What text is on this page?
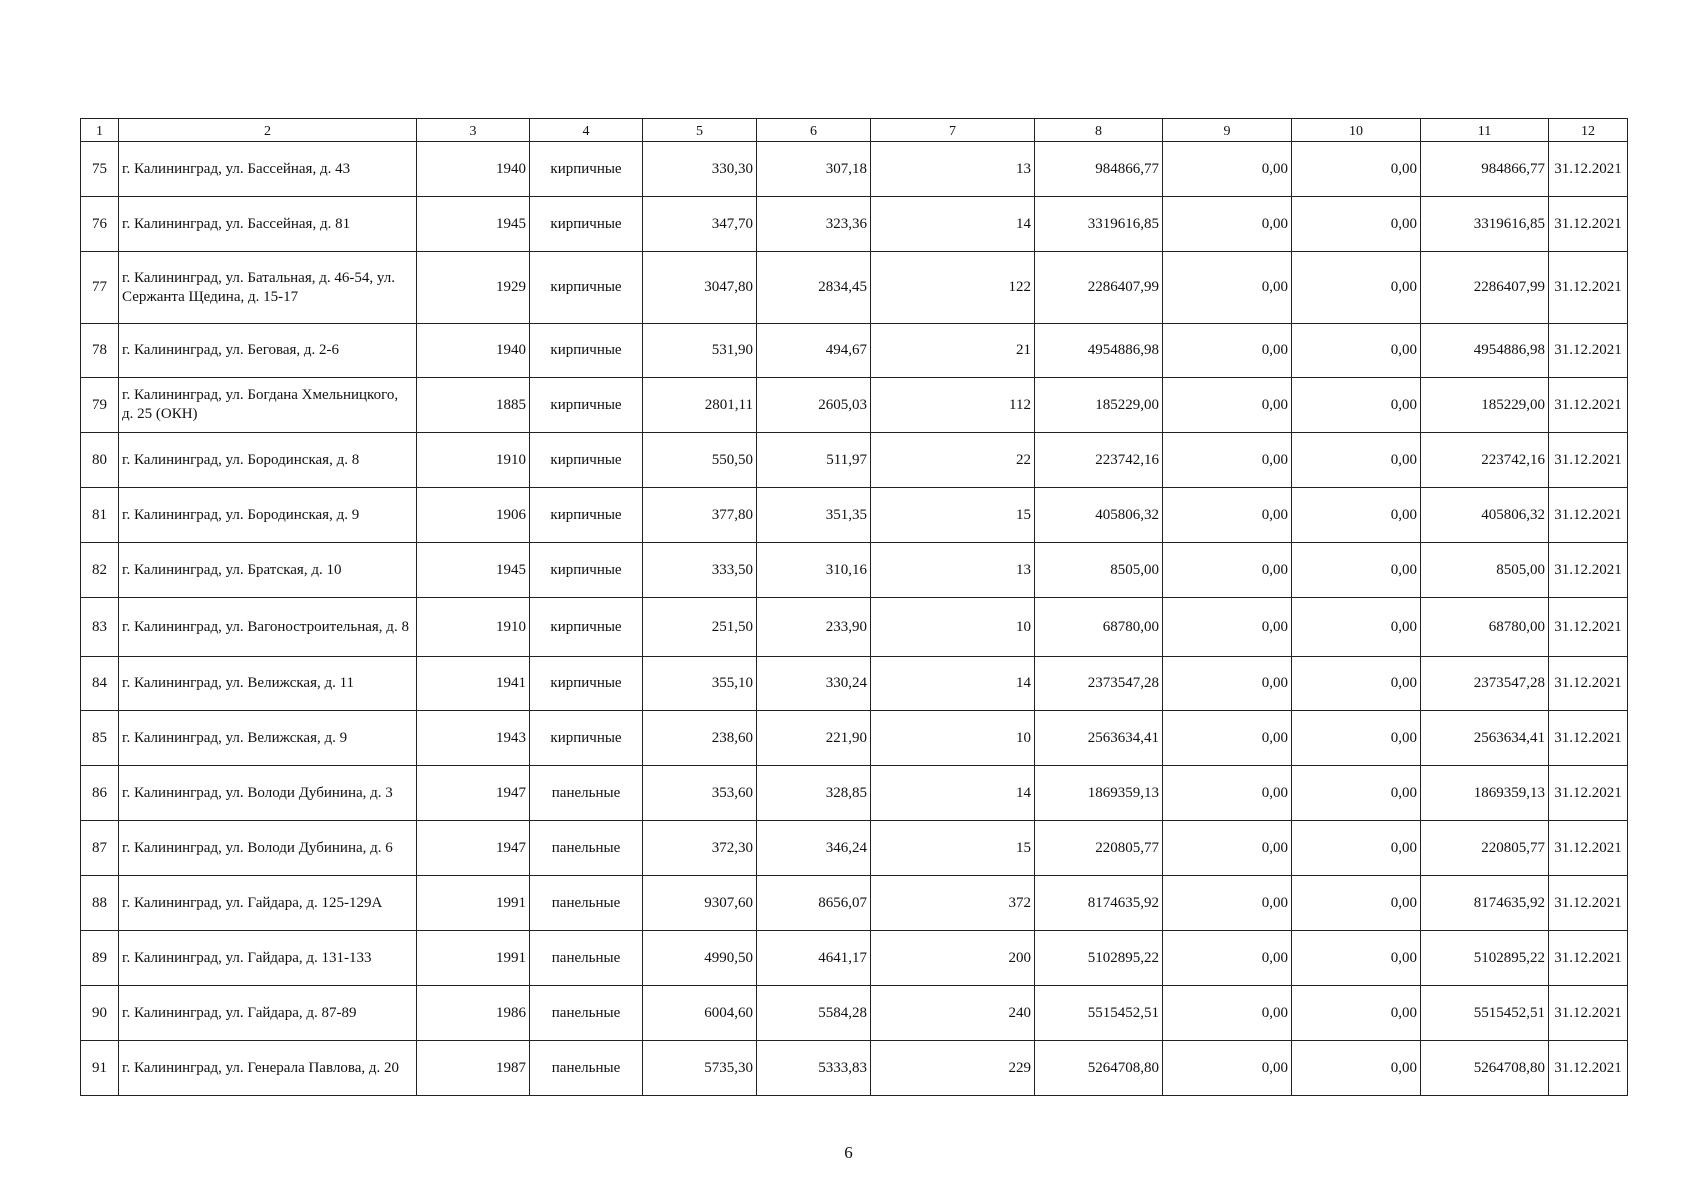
1	2	3	4	5	6	7	8	9	10	11	12
75	г. Калининград, ул. Бассейная, д. 43	1940	кирпичные	330,30	307,18	13	984866,77	0,00	0,00	984866,77	31.12.2021
76	г. Калининград, ул. Бассейная, д. 81	1945	кирпичные	347,70	323,36	14	3319616,85	0,00	0,00	3319616,85	31.12.2021
77	г. Калининград, ул. Батальная, д. 46-54, ул. Сержанта Щедина, д. 15-17	1929	кирпичные	3047,80	2834,45	122	2286407,99	0,00	0,00	2286407,99	31.12.2021
78	г. Калининград, ул. Беговая, д. 2-6	1940	кирпичные	531,90	494,67	21	4954886,98	0,00	0,00	4954886,98	31.12.2021
79	г. Калининград, ул. Богдана Хмельницкого, д. 25 (ОКН)	1885	кирпичные	2801,11	2605,03	112	185229,00	0,00	0,00	185229,00	31.12.2021
80	г. Калининград, ул. Бородинская, д. 8	1910	кирпичные	550,50	511,97	22	223742,16	0,00	0,00	223742,16	31.12.2021
81	г. Калининград, ул. Бородинская, д. 9	1906	кирпичные	377,80	351,35	15	405806,32	0,00	0,00	405806,32	31.12.2021
82	г. Калининград, ул. Братская, д. 10	1945	кирпичные	333,50	310,16	13	8505,00	0,00	0,00	8505,00	31.12.2021
83	г. Калининград, ул. Вагоностроительная, д. 8	1910	кирпичные	251,50	233,90	10	68780,00	0,00	0,00	68780,00	31.12.2021
84	г. Калининград, ул. Велижская, д. 11	1941	кирпичные	355,10	330,24	14	2373547,28	0,00	0,00	2373547,28	31.12.2021
85	г. Калининград, ул. Велижская, д. 9	1943	кирпичные	238,60	221,90	10	2563634,41	0,00	0,00	2563634,41	31.12.2021
86	г. Калининград, ул. Володи Дубинина, д. 3	1947	панельные	353,60	328,85	14	1869359,13	0,00	0,00	1869359,13	31.12.2021
87	г. Калининград, ул. Володи Дубинина, д. 6	1947	панельные	372,30	346,24	15	220805,77	0,00	0,00	220805,77	31.12.2021
88	г. Калининград, ул. Гайдара, д. 125-129А	1991	панельные	9307,60	8656,07	372	8174635,92	0,00	0,00	8174635,92	31.12.2021
89	г. Калининград, ул. Гайдара, д. 131-133	1991	панельные	4990,50	4641,17	200	5102895,22	0,00	0,00	5102895,22	31.12.2021
90	г. Калининград, ул. Гайдара, д. 87-89	1986	панельные	6004,60	5584,28	240	5515452,51	0,00	0,00	5515452,51	31.12.2021
91	г. Калининград, ул. Генерала Павлова, д. 20	1987	панельные	5735,30	5333,83	229	5264708,80	0,00	0,00	5264708,80	31.12.2021
6
